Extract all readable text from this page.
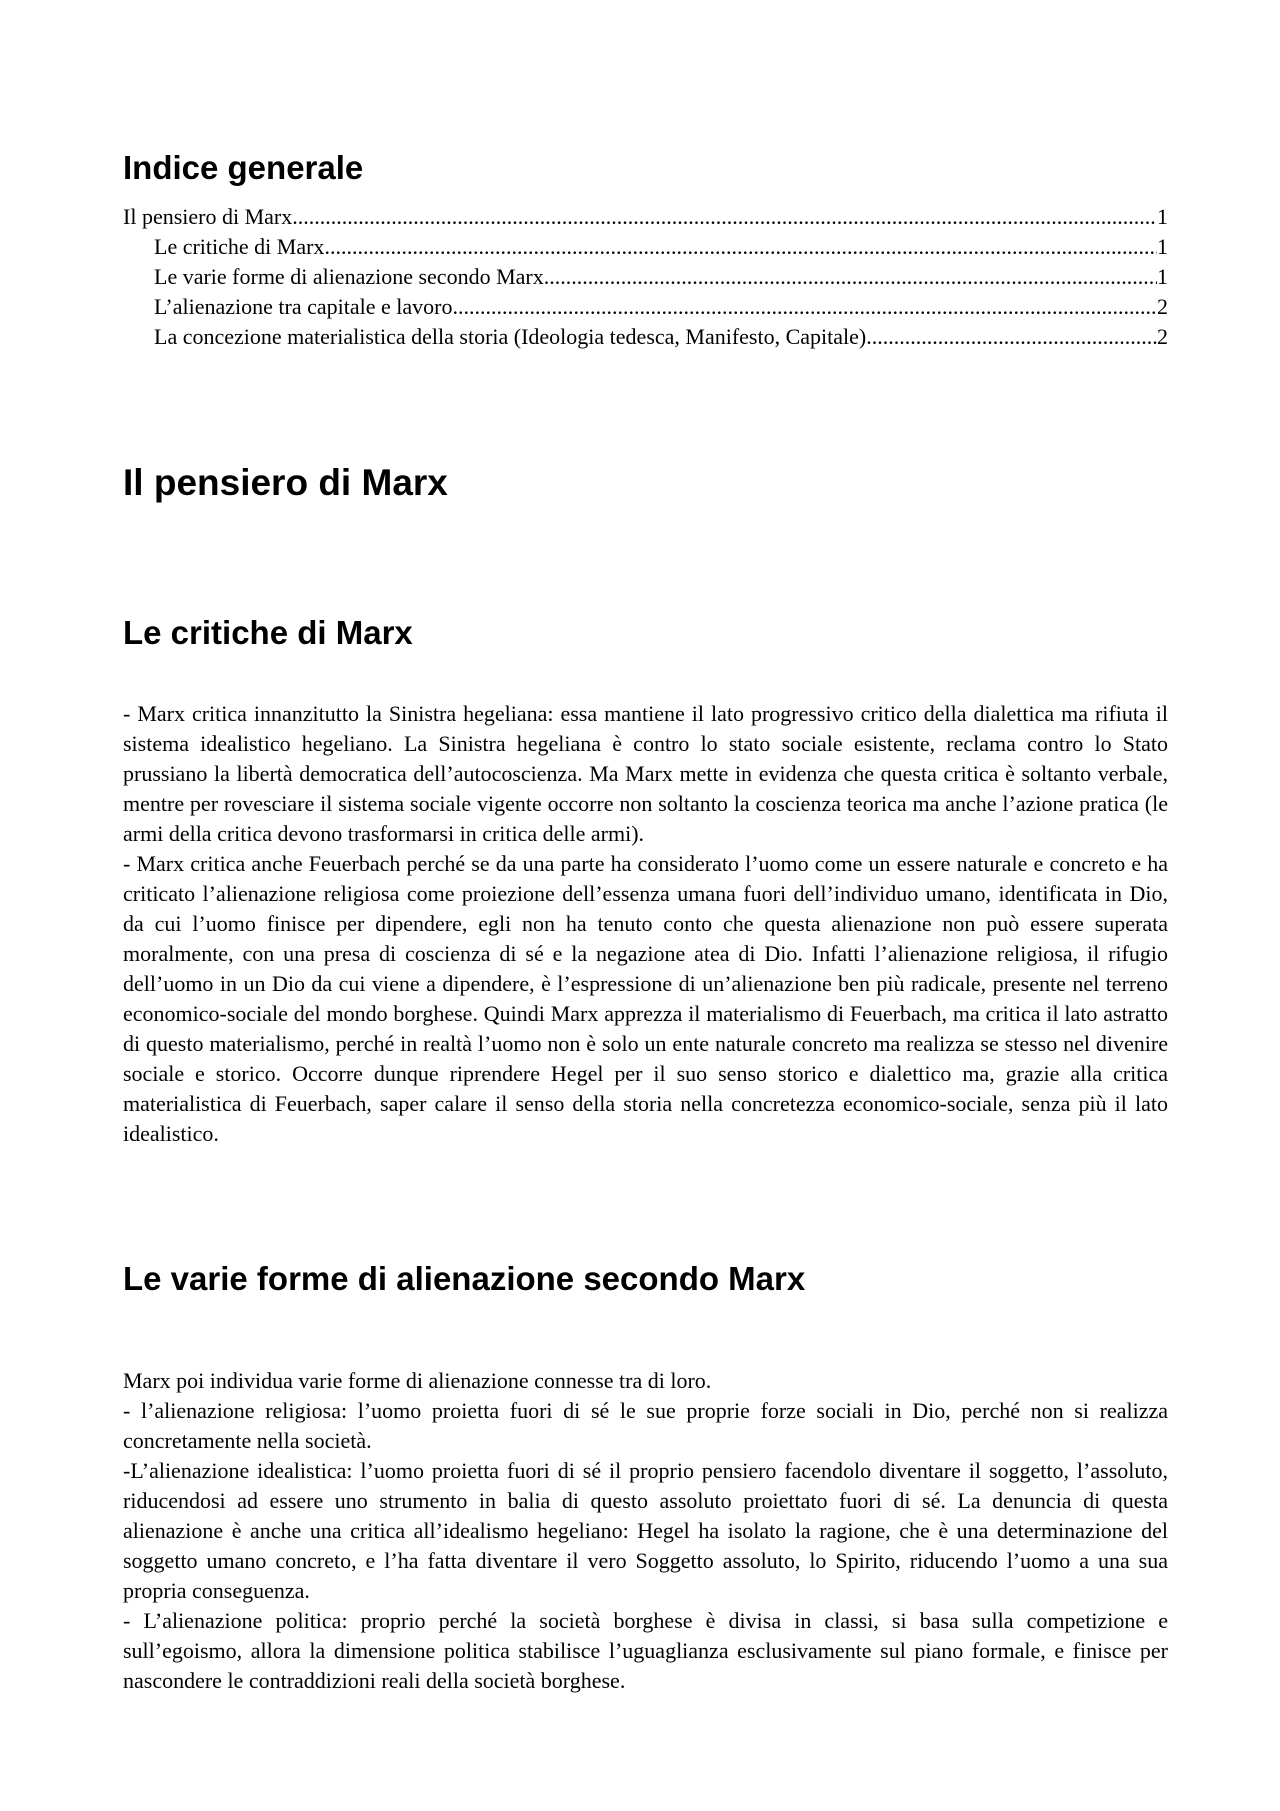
Indice generale
Il pensiero di Marx .....	1
Le critiche di Marx .....	1
Le varie forme di alienazione secondo Marx .....	1
L’alienazione tra capitale e lavoro .....	2
La concezione materialistica della storia (Ideologia tedesca, Manifesto, Capitale) .....	2
Il pensiero di Marx
Le critiche di Marx

- Marx critica innanzitutto la Sinistra hegeliana: essa mantiene il lato progressivo critico della dialettica ma rifiuta il sistema idealistico hegeliano. La Sinistra hegeliana è contro lo stato sociale esistente, reclama contro lo Stato prussiano la libertà democratica dell’autocoscienza. Ma Marx mette in evidenza che questa critica è soltanto verbale, mentre per rovesciare il sistema sociale vigente occorre non soltanto la coscienza teorica ma anche l’azione pratica (le armi della critica devono trasformarsi in critica delle armi).

- Marx critica anche Feuerbach perché se da una parte ha considerato l’uomo come un essere naturale e concreto e ha criticato l’alienazione religiosa come proiezione dell’essenza umana fuori dell’individuo umano, identificata in Dio, da cui l’uomo finisce per dipendere, egli non ha tenuto conto che questa alienazione non può essere superata moralmente, con una presa di coscienza di sé e la negazione atea di Dio. Infatti l’alienazione religiosa, il rifugio dell’uomo in un Dio da cui viene a dipendere, è l’espressione di un’alienazione ben più radicale, presente nel terreno economico-sociale del mondo borghese. Quindi Marx apprezza il materialismo di Feuerbach, ma critica il lato astratto di questo materialismo, perché in realtà l’uomo non è solo un ente naturale concreto ma realizza se stesso nel divenire sociale e storico. Occorre dunque riprendere Hegel per il suo senso storico e dialettico ma, grazie alla critica materialistica di Feuerbach, saper calare il senso della storia nella concretezza economico-sociale, senza più il lato idealistico.

Le varie forme di alienazione secondo Marx

Marx poi individua varie forme di alienazione connesse tra di loro.

- l’alienazione religiosa: l’uomo proietta fuori di sé le sue proprie forze sociali in Dio, perché non si realizza concretamente nella società.

-L’alienazione idealistica: l’uomo proietta fuori di sé il proprio pensiero facendolo diventare il soggetto, l’assoluto, riducendosi ad essere uno strumento in balia di questo assoluto proiettato fuori di sé. La denuncia di questa alienazione è anche una critica all’idealismo hegeliano: Hegel ha isolato la ragione, che è una determinazione del soggetto umano concreto, e l’ha fatta diventare il vero Soggetto assoluto, lo Spirito, riducendo l’uomo a una sua propria conseguenza.

- L’alienazione politica: proprio perché la società borghese è divisa in classi, si basa sulla competizione e sull’egoismo, allora la dimensione politica stabilisce l’uguaglianza esclusivamente sul piano formale, e finisce per nascondere le contraddizioni reali della società borghese.
